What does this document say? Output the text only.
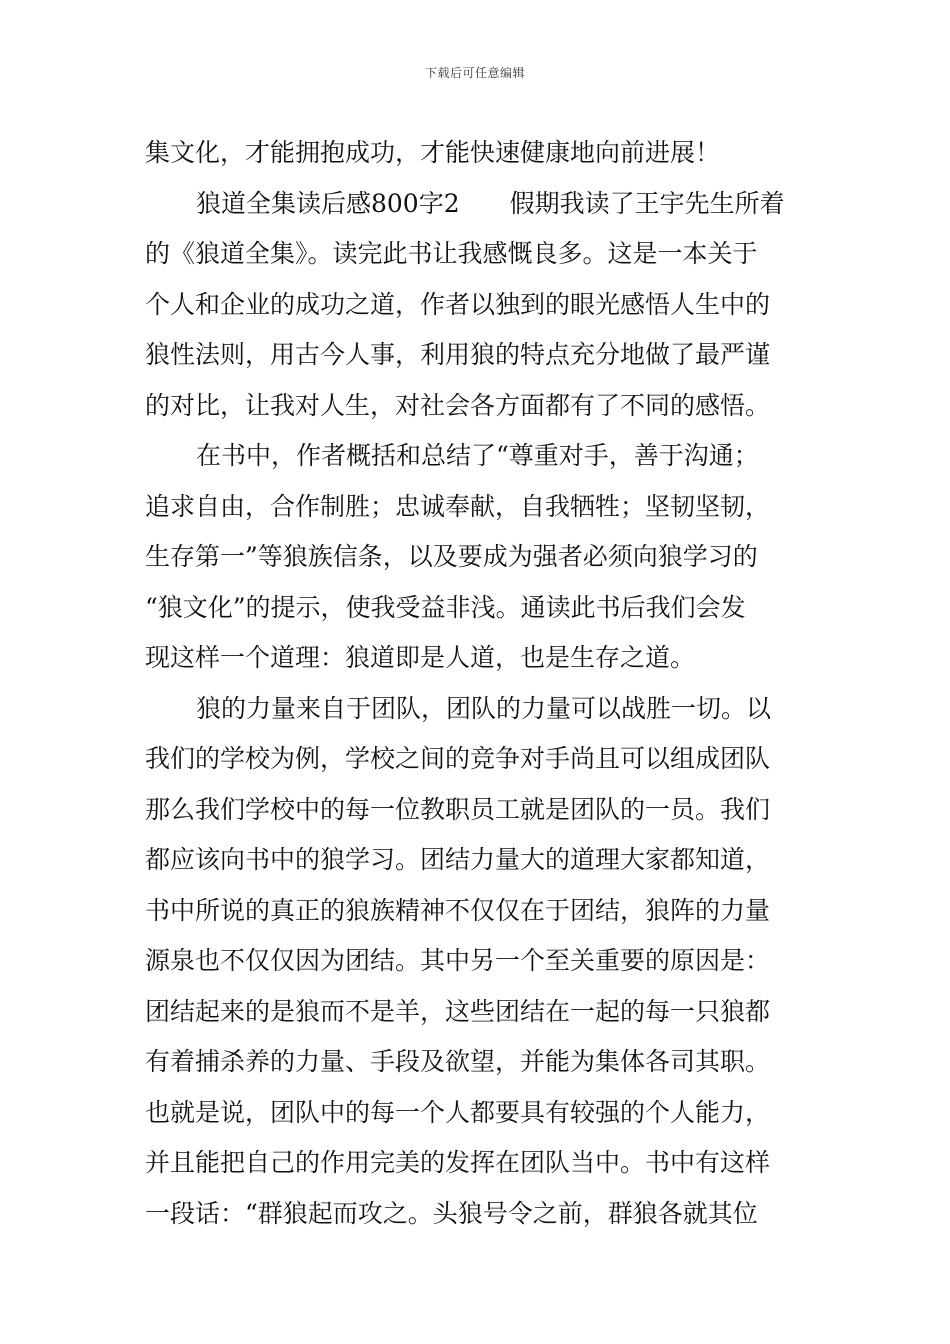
下载后可任意编辑
集文化，才能拥抱成功，才能快速健康地向前进展！
狼道全集读后感800字2　　假期我读了王宇先生所着
的《狼道全集》。读完此书让我感慨良多。这是一本关于
个人和企业的成功之道，作者以独到的眼光感悟人生中的
狼性法则，用古今人事，利用狼的特点充分地做了最严谨
的对比，让我对人生，对社会各方面都有了不同的感悟。
在书中，作者概括和总结了“尊重对手，善于沟通；
追求自由，合作制胜；忠诚奉献，自我牺牲；坚韧坚韧，
生存第一”等狼族信条，以及要成为强者必须向狼学习的
“狼文化”的提示，使我受益非浅。通读此书后我们会发
现这样一个道理：狼道即是人道，也是生存之道。
狼的力量来自于团队，团队的力量可以战胜一切。以
我们的学校为例，学校之间的竞争对手尚且可以组成团队
那么我们学校中的每一位教职员工就是团队的一员。我们
都应该向书中的狼学习。团结力量大的道理大家都知道，
书中所说的真正的狼族精神不仅仅在于团结，狼阵的力量
源泉也不仅仅因为团结。其中另一个至关重要的原因是：
团结起来的是狼而不是羊，这些团结在一起的每一只狼都
有着捕杀养的力量、手段及欲望，并能为集体各司其职。
也就是说，团队中的每一个人都要具有较强的个人能力，
并且能把自己的作用完美的发挥在团队当中。书中有这样
一段话：“群狼起而攻之。头狼号令之前，群狼各就其位
